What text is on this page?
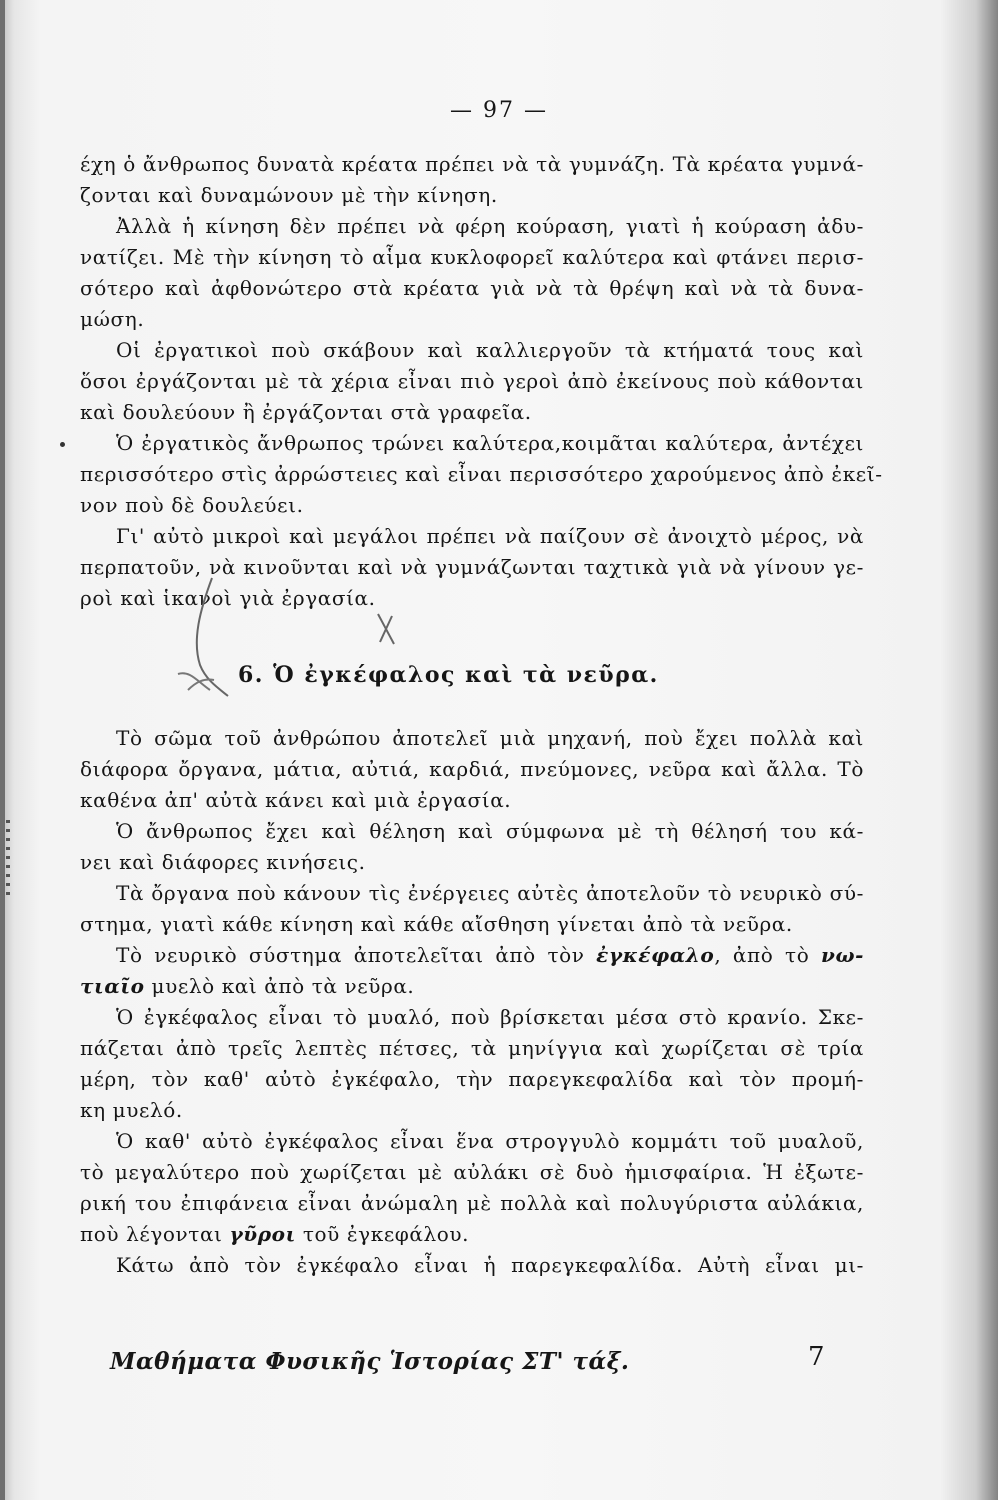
— 97 —
έχη ὁ ἄνθρωπος δυνατὰ κρέατα πρέπει νὰ τὰ γυμνάζη. Τὰ κρέατα γυμνά-
ζονται καὶ δυναμώνουν μὲ τὴν κίνηση.
Ἀλλὰ ἡ κίνηση δὲν πρέπει νὰ φέρη κούραση, γιατὶ ἡ κούραση ἀδυ-
νατίζει. Μὲ τὴν κίνηση τὸ αἷμα κυκλοφορεῖ καλύτερα καὶ φτάνει περισ-
σότερο καὶ ἀφθονώτερο στὰ κρέατα γιὰ νὰ τὰ θρέψη καὶ νὰ τὰ δυνα-
μώση.
Οἱ ἐργατικοὶ ποὺ σκάβουν καὶ καλλιεργοῦν τὰ κτήματά τους καὶ
ὅσοι ἐργάζονται μὲ τὰ χέρια εἶναι πιὸ γεροὶ ἀπὸ ἐκείνους ποὺ κάθονται
καὶ δουλεύουν ἢ ἐργάζονται στὰ γραφεῖα.
Ὁ ἐργατικὸς ἄνθρωπος τρώνει καλύτερα,κοιμᾶται καλύτερα, ἀντέχει
περισσότερο στὶς ἀρρώστειες καὶ εἶναι περισσότερο χαρούμενος ἀπὸ ἐκεῖ-
νον ποὺ δὲ δουλεύει.
Γι' αὐτὸ μικροὶ καὶ μεγάλοι πρέπει νὰ παίζουν σὲ ἀνοιχτὸ μέρος, νὰ
περπατοῦν, νὰ κινοῦνται καὶ νὰ γυμνάζωνται ταχτικὰ γιὰ νὰ γίνουν γε-
ροὶ καὶ ἱκανοὶ γιὰ ἐργασία.
6. Ὁ ἐγκέφαλος καὶ τὰ νεῦρα.
Τὸ σῶμα τοῦ ἀνθρώπου ἀποτελεῖ μιὰ μηχανή, ποὺ ἔχει πολλὰ καὶ
διάφορα ὄργανα, μάτια, αὐτιά, καρδιά, πνεύμονες, νεῦρα καὶ ἄλλα. Τὸ
καθένα ἀπ' αὐτὰ κάνει καὶ μιὰ ἐργασία.
Ὁ ἄνθρωπος ἔχει καὶ θέληση καὶ σύμφωνα μὲ τὴ θέλησή του κά-
νει καὶ διάφορες κινήσεις.
Τὰ ὄργανα ποὺ κάνουν τὶς ἐνέργειες αὐτὲς ἀποτελοῦν τὸ νευρικὸ σύ-
στημα, γιατὶ κάθε κίνηση καὶ κάθε αἴσθηση γίνεται ἀπὸ τὰ νεῦρα.
Τὸ νευρικὸ σύστημα ἀποτελεῖται ἀπὸ τὸν ἐγκέφαλο, ἀπὸ τὸ νω-
τιαῖο μυελὸ καὶ ἀπὸ τὰ νεῦρα.
Ὁ ἐγκέφαλος εἶναι τὸ μυαλό, ποὺ βρίσκεται μέσα στὸ κρανίο. Σκε-
πάζεται ἀπὸ τρεῖς λεπτὲς πέτσες, τὰ μηνίγγια καὶ χωρίζεται σὲ τρία
μέρη, τὸν καθ' αὐτὸ ἐγκέφαλο, τὴν παρεγκεφαλίδα καὶ τὸν προμή-
κη μυελό.
Ὁ καθ' αὐτὸ ἐγκέφαλος εἶναι ἕνα στρογγυλὸ κομμάτι τοῦ μυαλοῦ,
τὸ μεγαλύτερο ποὺ χωρίζεται μὲ αὐλάκι σὲ δυὸ ἡμισφαίρια. Ἡ ἐξωτε-
ρική του ἐπιφάνεια εἶναι ἀνώμαλη μὲ πολλὰ καὶ πολυγύριστα αὐλάκια,
ποὺ λέγονται γῦροι τοῦ ἐγκεφάλου.
Κάτω ἀπὸ τὸν ἐγκέφαλο εἶναι ἡ παρεγκεφαλίδα. Αὐτὴ εἶναι μι-
Μαθήματα Φυσικῆς Ἱστορίας ΣΤ' τάξ.	7
